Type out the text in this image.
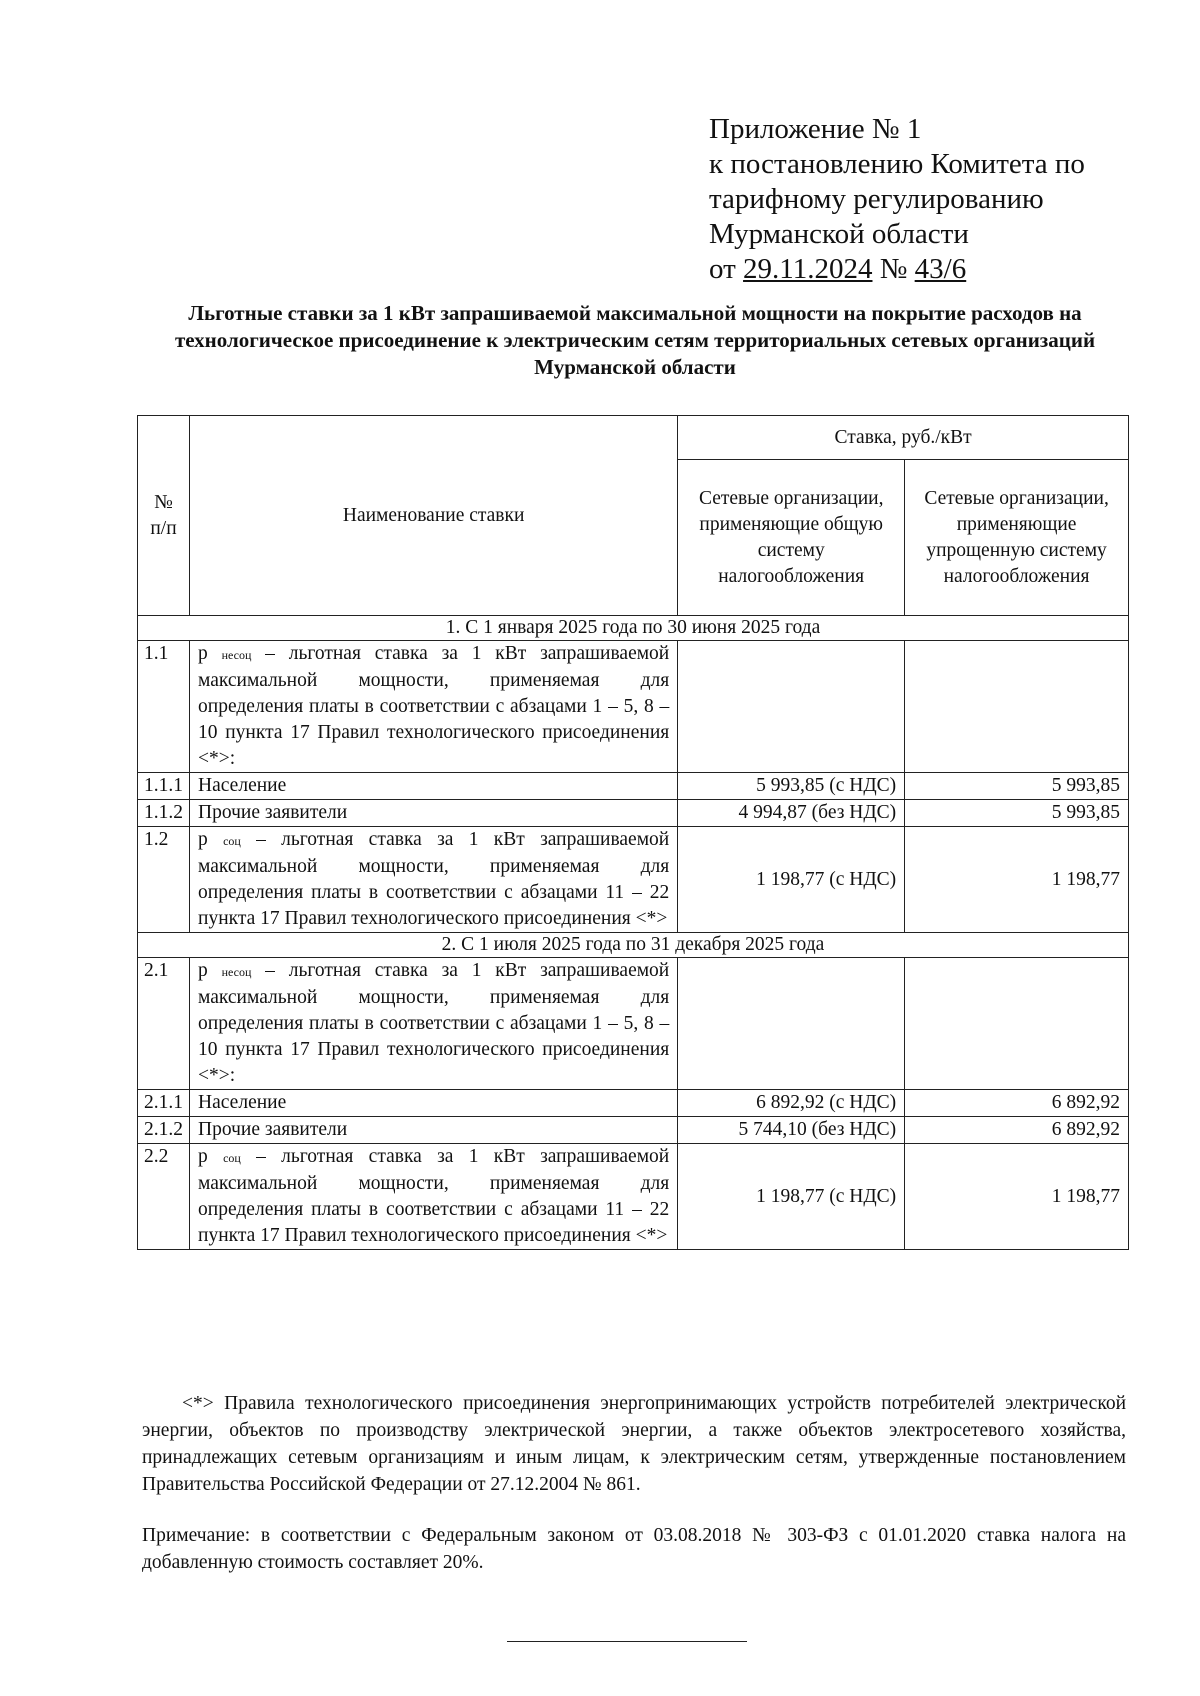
Приложение № 1
к постановлению Комитета по
тарифному регулированию
Мурманской области
от 29.11.2024 № 43/6
Льготные ставки за 1 кВт запрашиваемой максимальной мощности на покрытие расходов на технологическое присоединение к электрическим сетям территориальных сетевых организаций Мурманской области
№ п/п	Наименование ставки	Ставка, руб./кВт	
		Сетевые организации, применяющие общую систему налогообложения	Сетевые организации, применяющие упрощенную систему налогообложения
1. С 1 января 2025 года по 30 июня 2025 года			
1.1	р несоц – льготная ставка за 1 кВт запрашиваемой максимальной мощности, применяемая для определения платы в соответствии с абзацами 1 – 5, 8 – 10 пункта 17 Правил технологического присоединения <*>:		
1.1.1	Население	5 993,85 (с НДС)	5 993,85
1.1.2	Прочие заявители	4 994,87 (без НДС)	5 993,85
1.2	р соц – льготная ставка за 1 кВт запрашиваемой максимальной мощности, применяемая для определения платы в соответствии с абзацами 11 – 22 пункта 17 Правил технологического присоединения <*>	1 198,77 (с НДС)	1 198,77
2. С 1 июля 2025 года по 31 декабря 2025 года			
2.1	р несоц – льготная ставка за 1 кВт запрашиваемой максимальной мощности, применяемая для определения платы в соответствии с абзацами 1 – 5, 8 – 10 пункта 17 Правил технологического присоединения <*>:		
2.1.1	Население	6 892,92 (с НДС)	6 892,92
2.1.2	Прочие заявители	5 744,10 (без НДС)	6 892,92
2.2	р соц – льготная ставка за 1 кВт запрашиваемой максимальной мощности, применяемая для определения платы в соответствии с абзацами 11 – 22 пункта 17 Правил технологического присоединения <*>	1 198,77 (с НДС)	1 198,77
<*> Правила технологического присоединения энергопринимающих устройств потребителей электрической энергии, объектов по производству электрической энергии, а также объектов электросетевого хозяйства, принадлежащих сетевым организациям и иным лицам, к электрическим сетям, утвержденные постановлением Правительства Российской Федерации от 27.12.2004 № 861.
Примечание: в соответствии с Федеральным законом от 03.08.2018 № 303-ФЗ с 01.01.2020 ставка налога на добавленную стоимость составляет 20%.
